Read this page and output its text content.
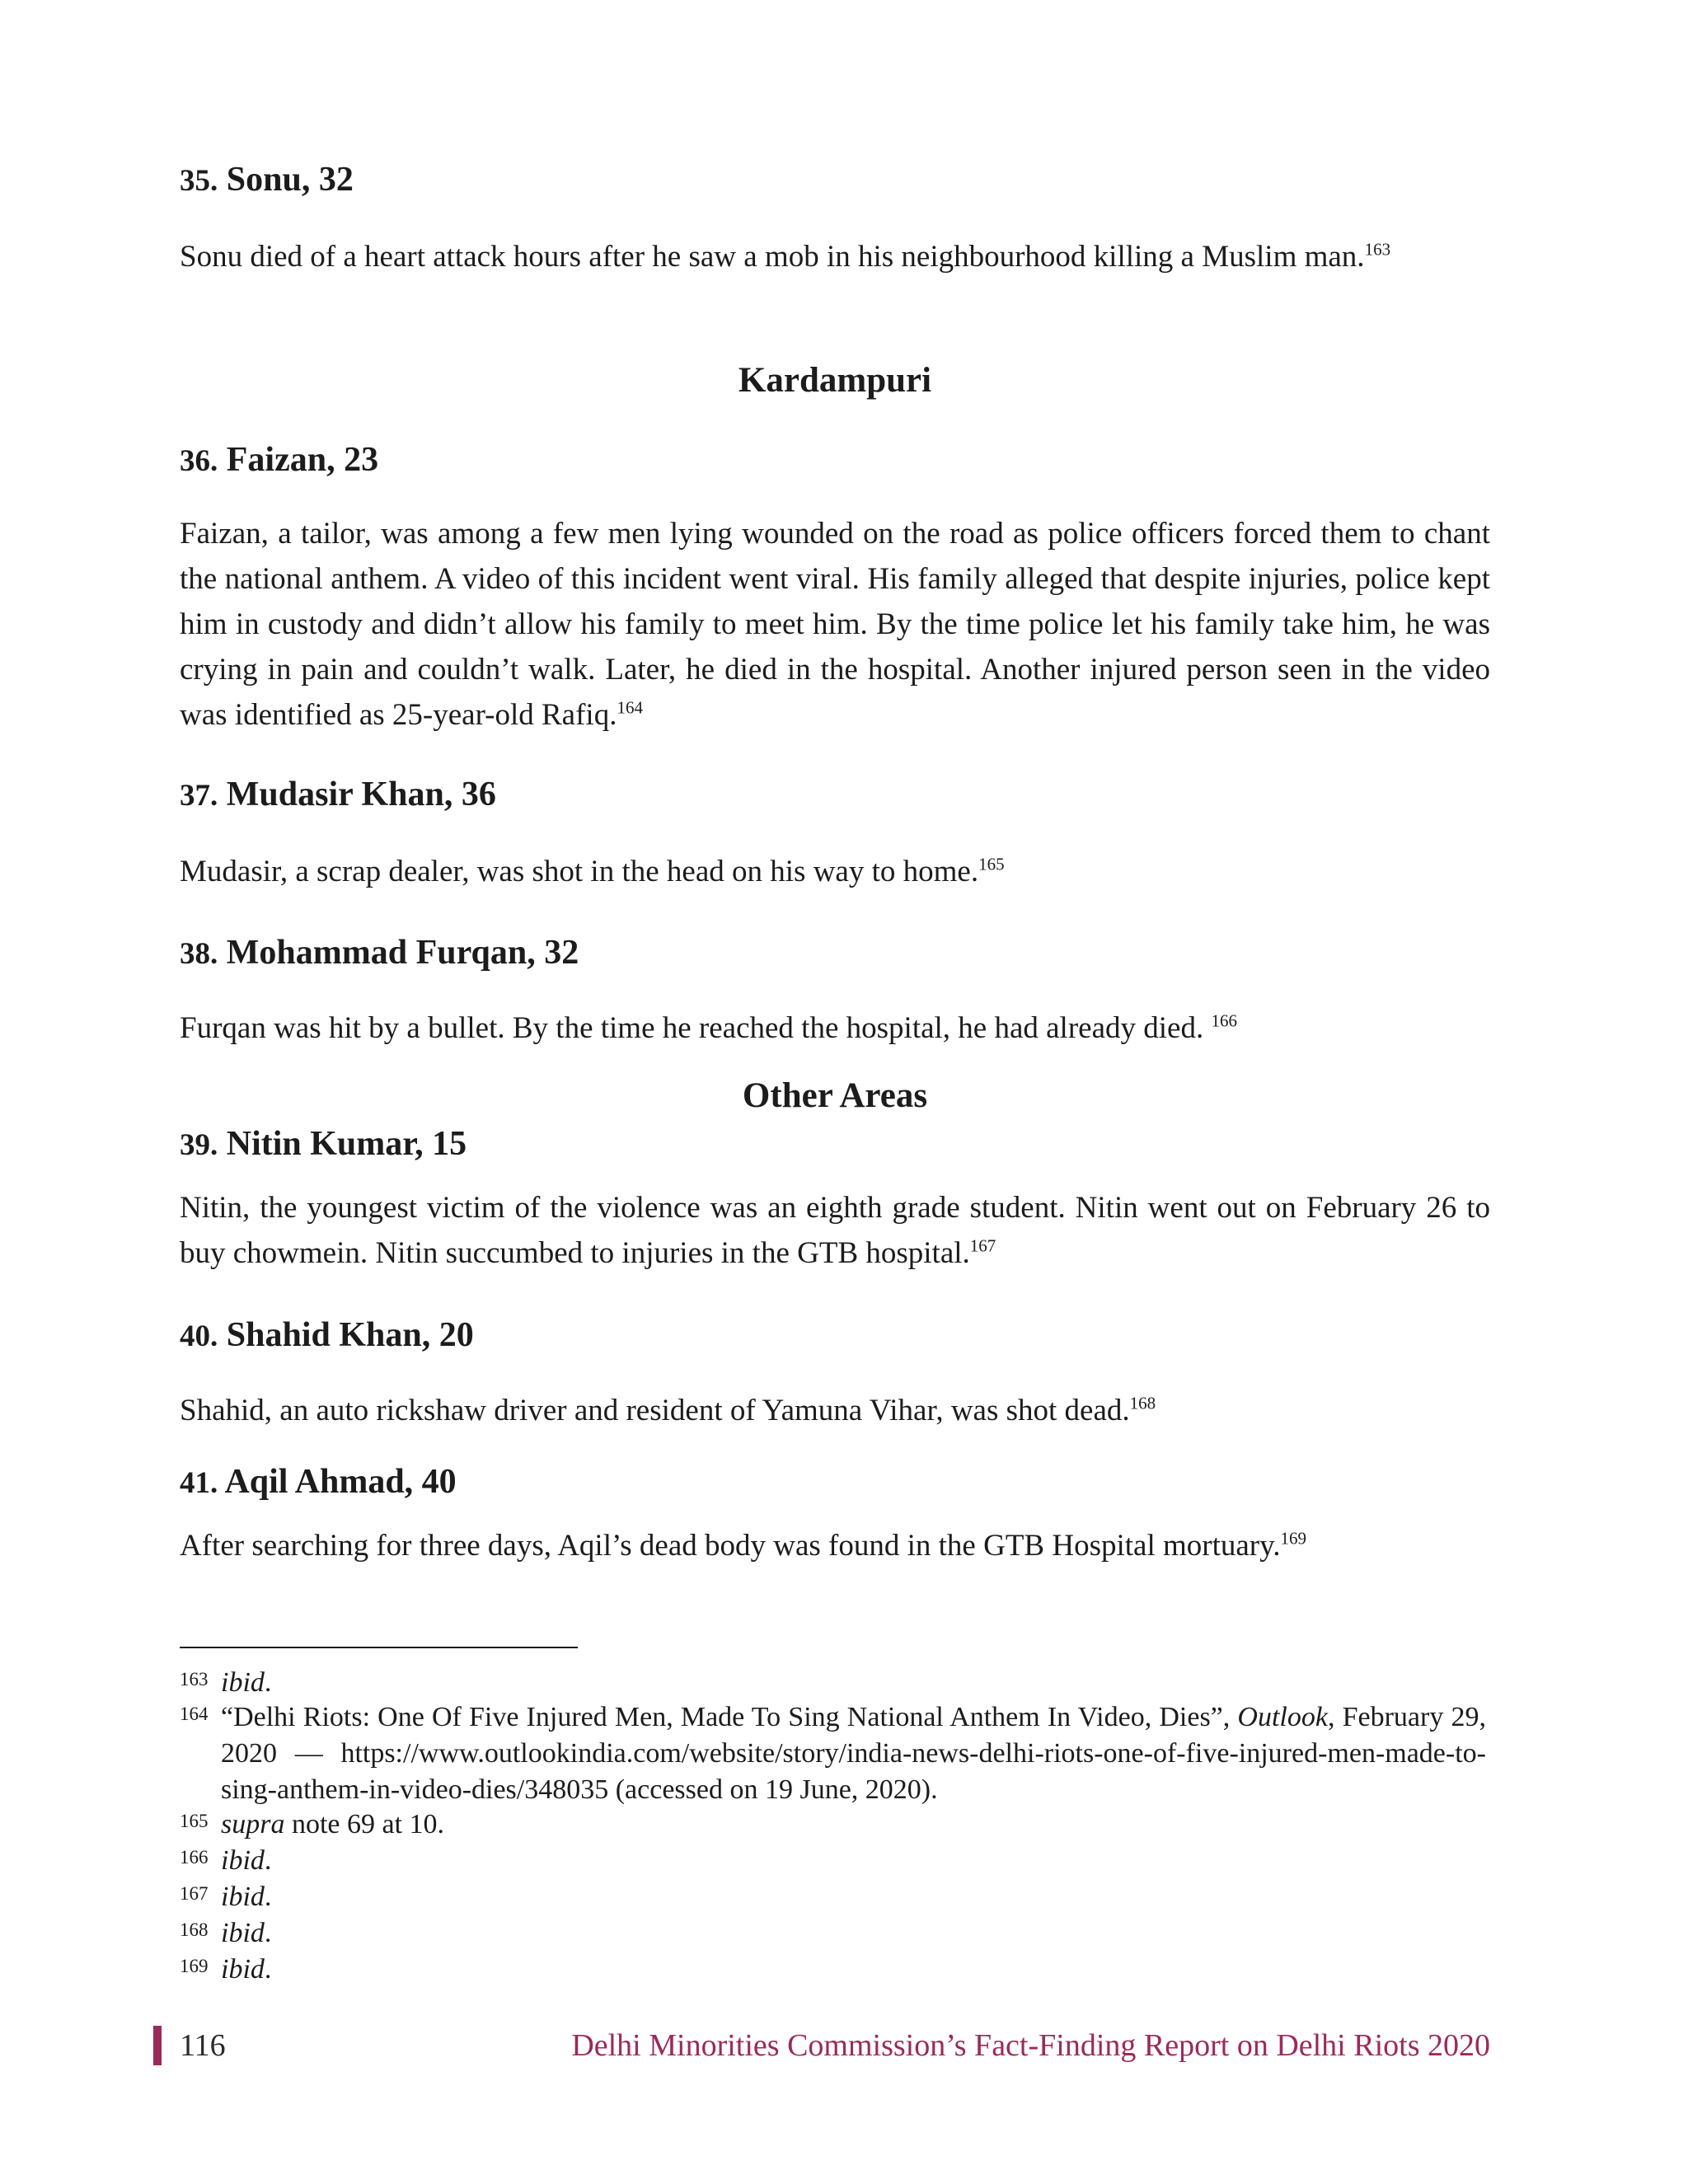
35. Sonu, 32

Sonu died of a heart attack hours after he saw a mob in his neighbourhood killing a Muslim man.$^{163}$

Kardampuri
36. Faizan, 23

Faizan, a tailor, was among a few men lying wounded on the road as police officers forced them to chant the national anthem. A video of this incident went viral. His family alleged that despite injuries, police kept him in custody and didn’t allow his family to meet him. By the time police let his family take him, he was crying in pain and couldn’t walk. Later, he died in the hospital. Another injured person seen in the video was identified as 25-year-old Rafiq.$^{164}$

37. Mudasir Khan, 36

Mudasir, a scrap dealer, was shot in the head on his way to home.$^{165}$

38. Mohammad Furqan, 32

Furqan was hit by a bullet. By the time he reached the hospital, he had already died. $^{166}$

Other Areas
39. Nitin Kumar, 15

Nitin, the youngest victim of the violence was an eighth grade student. Nitin went out on February 26 to buy chowmein. Nitin succumbed to injuries in the GTB hospital.$^{167}$

40. Shahid Khan, 20

Shahid, an auto rickshaw driver and resident of Yamuna Vihar, was shot dead.$^{168}$

41. Aqil Ahmad, 40

After searching for three days, Aqil’s dead body was found in the GTB Hospital mortuary.$^{169}$

163 ibid.

164 “Delhi Riots: One Of Five Injured Men, Made To Sing National Anthem In Video, Dies”, Outlook, February 29, 2020 — https://www.outlookindia.com/website/story/india-news-delhi-riots-one-of-five-injured-men-made-to-sing-anthem-in-video-dies/348035 (accessed on 19 June, 2020).

165 supra note 69 at 10.

166 ibid.

167 ibid.

168 ibid.

169 ibid.

116	Delhi Minorities Commission’s Fact-Finding Report on Delhi Riots 2020
